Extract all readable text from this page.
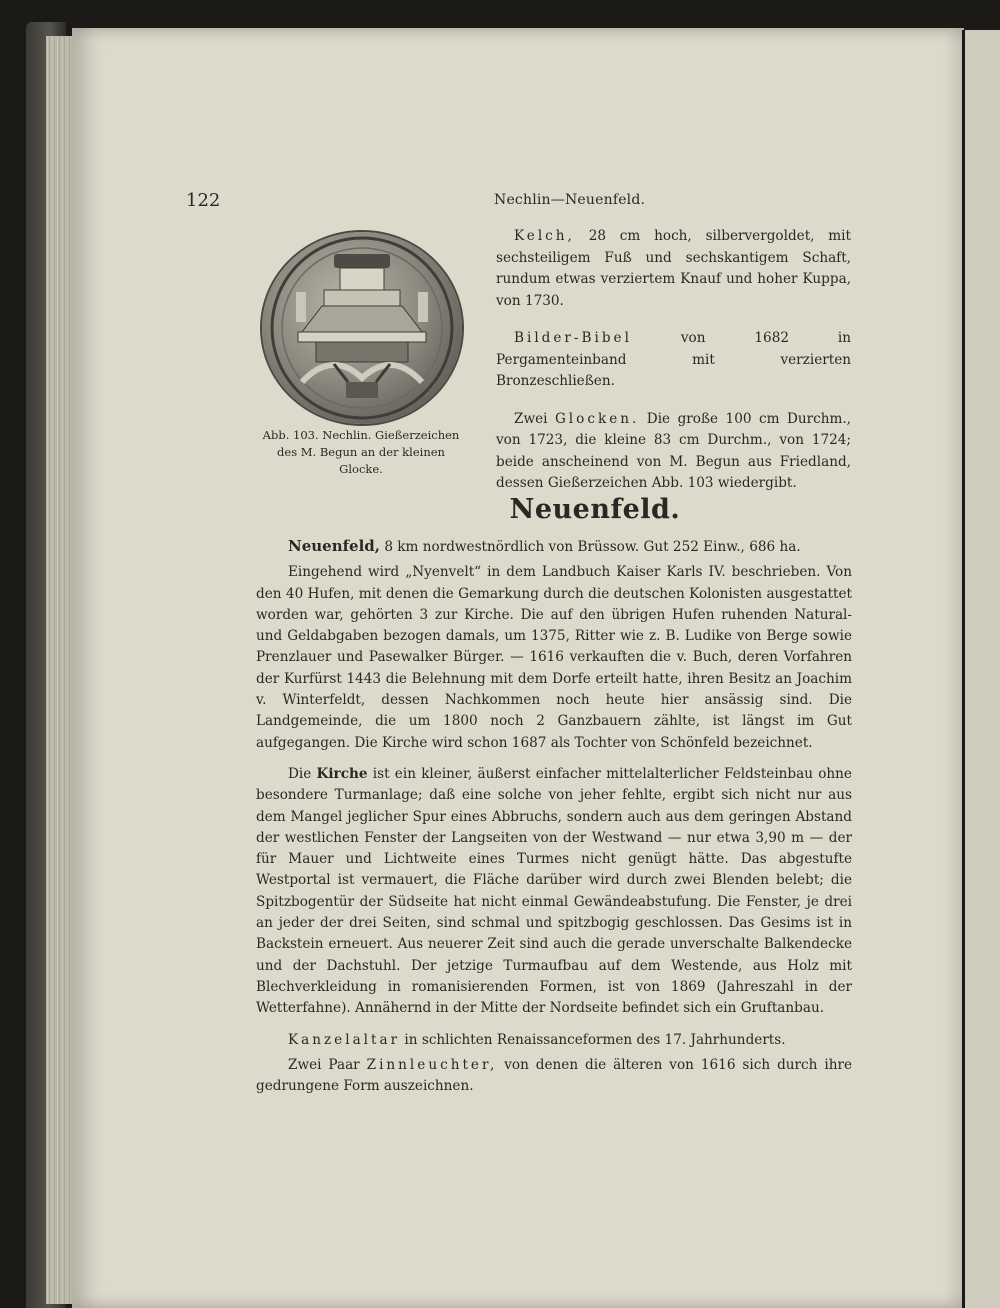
122	Nechlin—Neuenfeld.
Abb. 103. Nechlin. Gießerzeichen
des M. Begun an der kleinen Glocke.

Kelch, 28 cm hoch, silbervergoldet, mit sechsteiligem Fuß und sechskantigem Schaft, rundum etwas verziertem Knauf und hoher Kuppa, von 1730.

Bilder-Bibel von 1682 in Pergamenteinband mit verzierten Bronzeschließen.

Zwei Glocken. Die große 100 cm Durchm., von 1723, die kleine 83 cm Durchm., von 1724; beide anscheinend von M. Begun aus Friedland, dessen Gießerzeichen Abb. 103 wiedergibt.

Neuenfeld.

Neuenfeld, 8 km nordwestnördlich von Brüssow. Gut 252 Einw., 686 ha.

Eingehend wird „Nyenvelt“ in dem Landbuch Kaiser Karls IV. beschrieben. Von den 40 Hufen, mit denen die Gemarkung durch die deutschen Kolonisten ausgestattet worden war, gehörten 3 zur Kirche. Die auf den übrigen Hufen ruhenden Natural- und Geldabgaben bezogen damals, um 1375, Ritter wie z. B. Ludike von Berge sowie Prenzlauer und Pasewalker Bürger. — 1616 verkauften die v. Buch, deren Vorfahren der Kurfürst 1443 die Belehnung mit dem Dorfe erteilt hatte, ihren Besitz an Joachim v. Winterfeldt, dessen Nachkommen noch heute hier ansässig sind. Die Landgemeinde, die um 1800 noch 2 Ganzbauern zählte, ist längst im Gut aufgegangen. Die Kirche wird schon 1687 als Tochter von Schönfeld bezeichnet.

Die Kirche ist ein kleiner, äußerst einfacher mittelalterlicher Feldsteinbau ohne besondere Turmanlage; daß eine solche von jeher fehlte, ergibt sich nicht nur aus dem Mangel jeglicher Spur eines Abbruchs, sondern auch aus dem geringen Abstand der westlichen Fenster der Langseiten von der Westwand — nur etwa 3,90 m — der für Mauer und Lichtweite eines Turmes nicht genügt hätte. Das abgestufte Westportal ist vermauert, die Fläche darüber wird durch zwei Blenden belebt; die Spitzbogentür der Südseite hat nicht einmal Gewändeabstufung. Die Fenster, je drei an jeder der drei Seiten, sind schmal und spitzbogig geschlossen. Das Gesims ist in Backstein erneuert. Aus neuerer Zeit sind auch die gerade unverschalte Balkendecke und der Dachstuhl. Der jetzige Turmaufbau auf dem Westende, aus Holz mit Blechverkleidung in romanisierenden Formen, ist von 1869 (Jahreszahl in der Wetterfahne). Annähernd in der Mitte der Nordseite befindet sich ein Gruftanbau.

Kanzelaltar in schlichten Renaissanceformen des 17. Jahrhunderts.

Zwei Paar Zinnleuchter, von denen die älteren von 1616 sich durch ihre gedrungene Form auszeichnen.
